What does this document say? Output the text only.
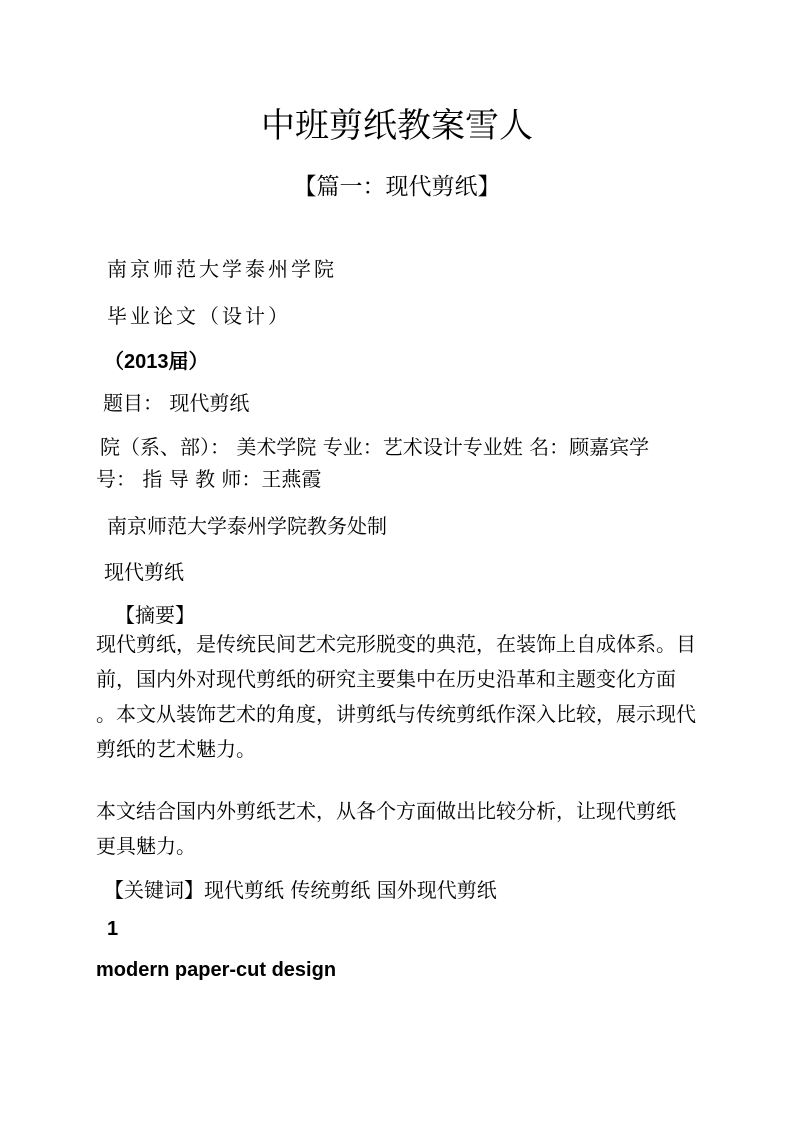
中班剪纸教案雪人
【篇一：现代剪纸】
南京师范大学泰州学院
毕业论文（设计）
（2013届）
题目： 现代剪纸
院（系、部）： 美术学院 专业：艺术设计专业姓 名：顾嘉宾学
号： 指 导 教 师：王燕霞
南京师范大学泰州学院教务处制
现代剪纸
【摘要】
现代剪纸，是传统民间艺术完形脱变的典范，在装饰上自成体系。目
前，国内外对现代剪纸的研究主要集中在历史沿革和主题变化方面
。本文从装饰艺术的角度，讲剪纸与传统剪纸作深入比较，展示现代
剪纸的艺术魅力。
本文结合国内外剪纸艺术，从各个方面做出比较分析，让现代剪纸
更具魅力。
【关键词】现代剪纸 传统剪纸 国外现代剪纸
1
modern paper-cut design
